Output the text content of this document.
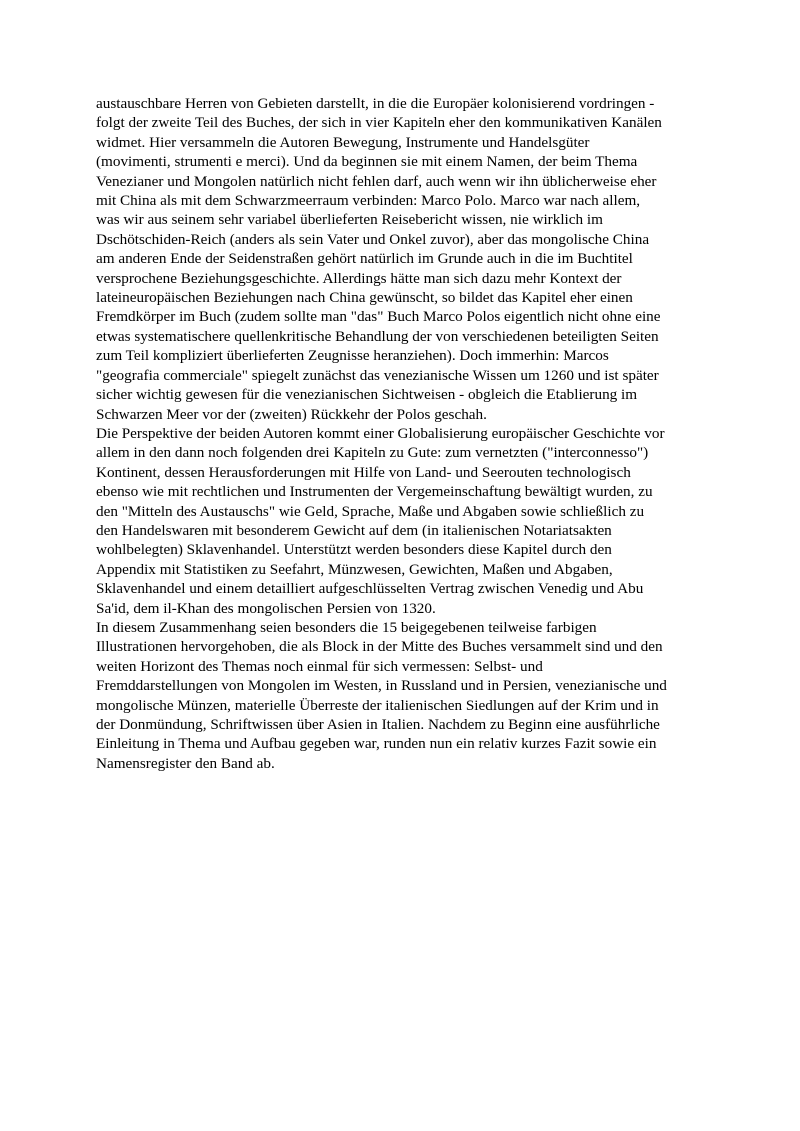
austauschbare Herren von Gebieten darstellt, in die die Europäer kolonisierend vordringen -
folgt der zweite Teil des Buches, der sich in vier Kapiteln eher den kommunikativen Kanälen
widmet. Hier versammeln die Autoren Bewegung, Instrumente und Handelsgüter
(movimenti, strumenti e merci). Und da beginnen sie mit einem Namen, der beim Thema
Venezianer und Mongolen natürlich nicht fehlen darf, auch wenn wir ihn üblicherweise eher
mit China als mit dem Schwarzmeerraum verbinden: Marco Polo. Marco war nach allem,
was wir aus seinem sehr variabel überlieferten Reisebericht wissen, nie wirklich im
Dschötschiden-Reich (anders als sein Vater und Onkel zuvor), aber das mongolische China
am anderen Ende der Seidenstraßen gehört natürlich im Grunde auch in die im Buchtitel
versprochene Beziehungsgeschichte. Allerdings hätte man sich dazu mehr Kontext der
lateineuropäischen Beziehungen nach China gewünscht, so bildet das Kapitel eher einen
Fremdkörper im Buch (zudem sollte man "das" Buch Marco Polos eigentlich nicht ohne eine
etwas systematischere quellenkritische Behandlung der von verschiedenen beteiligten Seiten
zum Teil kompliziert überlieferten Zeugnisse heranziehen). Doch immerhin: Marcos
"geografia commerciale" spiegelt zunächst das venezianische Wissen um 1260 und ist später
sicher wichtig gewesen für die venezianischen Sichtweisen - obgleich die Etablierung im
Schwarzen Meer vor der (zweiten) Rückkehr der Polos geschah.

Die Perspektive der beiden Autoren kommt einer Globalisierung europäischer Geschichte vor
allem in den dann noch folgenden drei Kapiteln zu Gute: zum vernetzten ("interconnesso")
Kontinent, dessen Herausforderungen mit Hilfe von Land- und Seerouten technologisch
ebenso wie mit rechtlichen und Instrumenten der Vergemeinschaftung bewältigt wurden, zu
den "Mitteln des Austauschs" wie Geld, Sprache, Maße und Abgaben sowie schließlich zu
den Handelswaren mit besonderem Gewicht auf dem (in italienischen Notariatsakten
wohlbelegten) Sklavenhandel. Unterstützt werden besonders diese Kapitel durch den
Appendix mit Statistiken zu Seefahrt, Münzwesen, Gewichten, Maßen und Abgaben,
Sklavenhandel und einem detailliert aufgeschlüsselten Vertrag zwischen Venedig und Abu
Sa'id, dem il-Khan des mongolischen Persien von 1320.

In diesem Zusammenhang seien besonders die 15 beigegebenen teilweise farbigen
Illustrationen hervorgehoben, die als Block in der Mitte des Buches versammelt sind und den
weiten Horizont des Themas noch einmal für sich vermessen: Selbst- und
Fremddarstellungen von Mongolen im Westen, in Russland und in Persien, venezianische und
mongolische Münzen, materielle Überreste der italienischen Siedlungen auf der Krim und in
der Donmündung, Schriftwissen über Asien in Italien. Nachdem zu Beginn eine ausführliche
Einleitung in Thema und Aufbau gegeben war, runden nun ein relativ kurzes Fazit sowie ein
Namensregister den Band ab.
